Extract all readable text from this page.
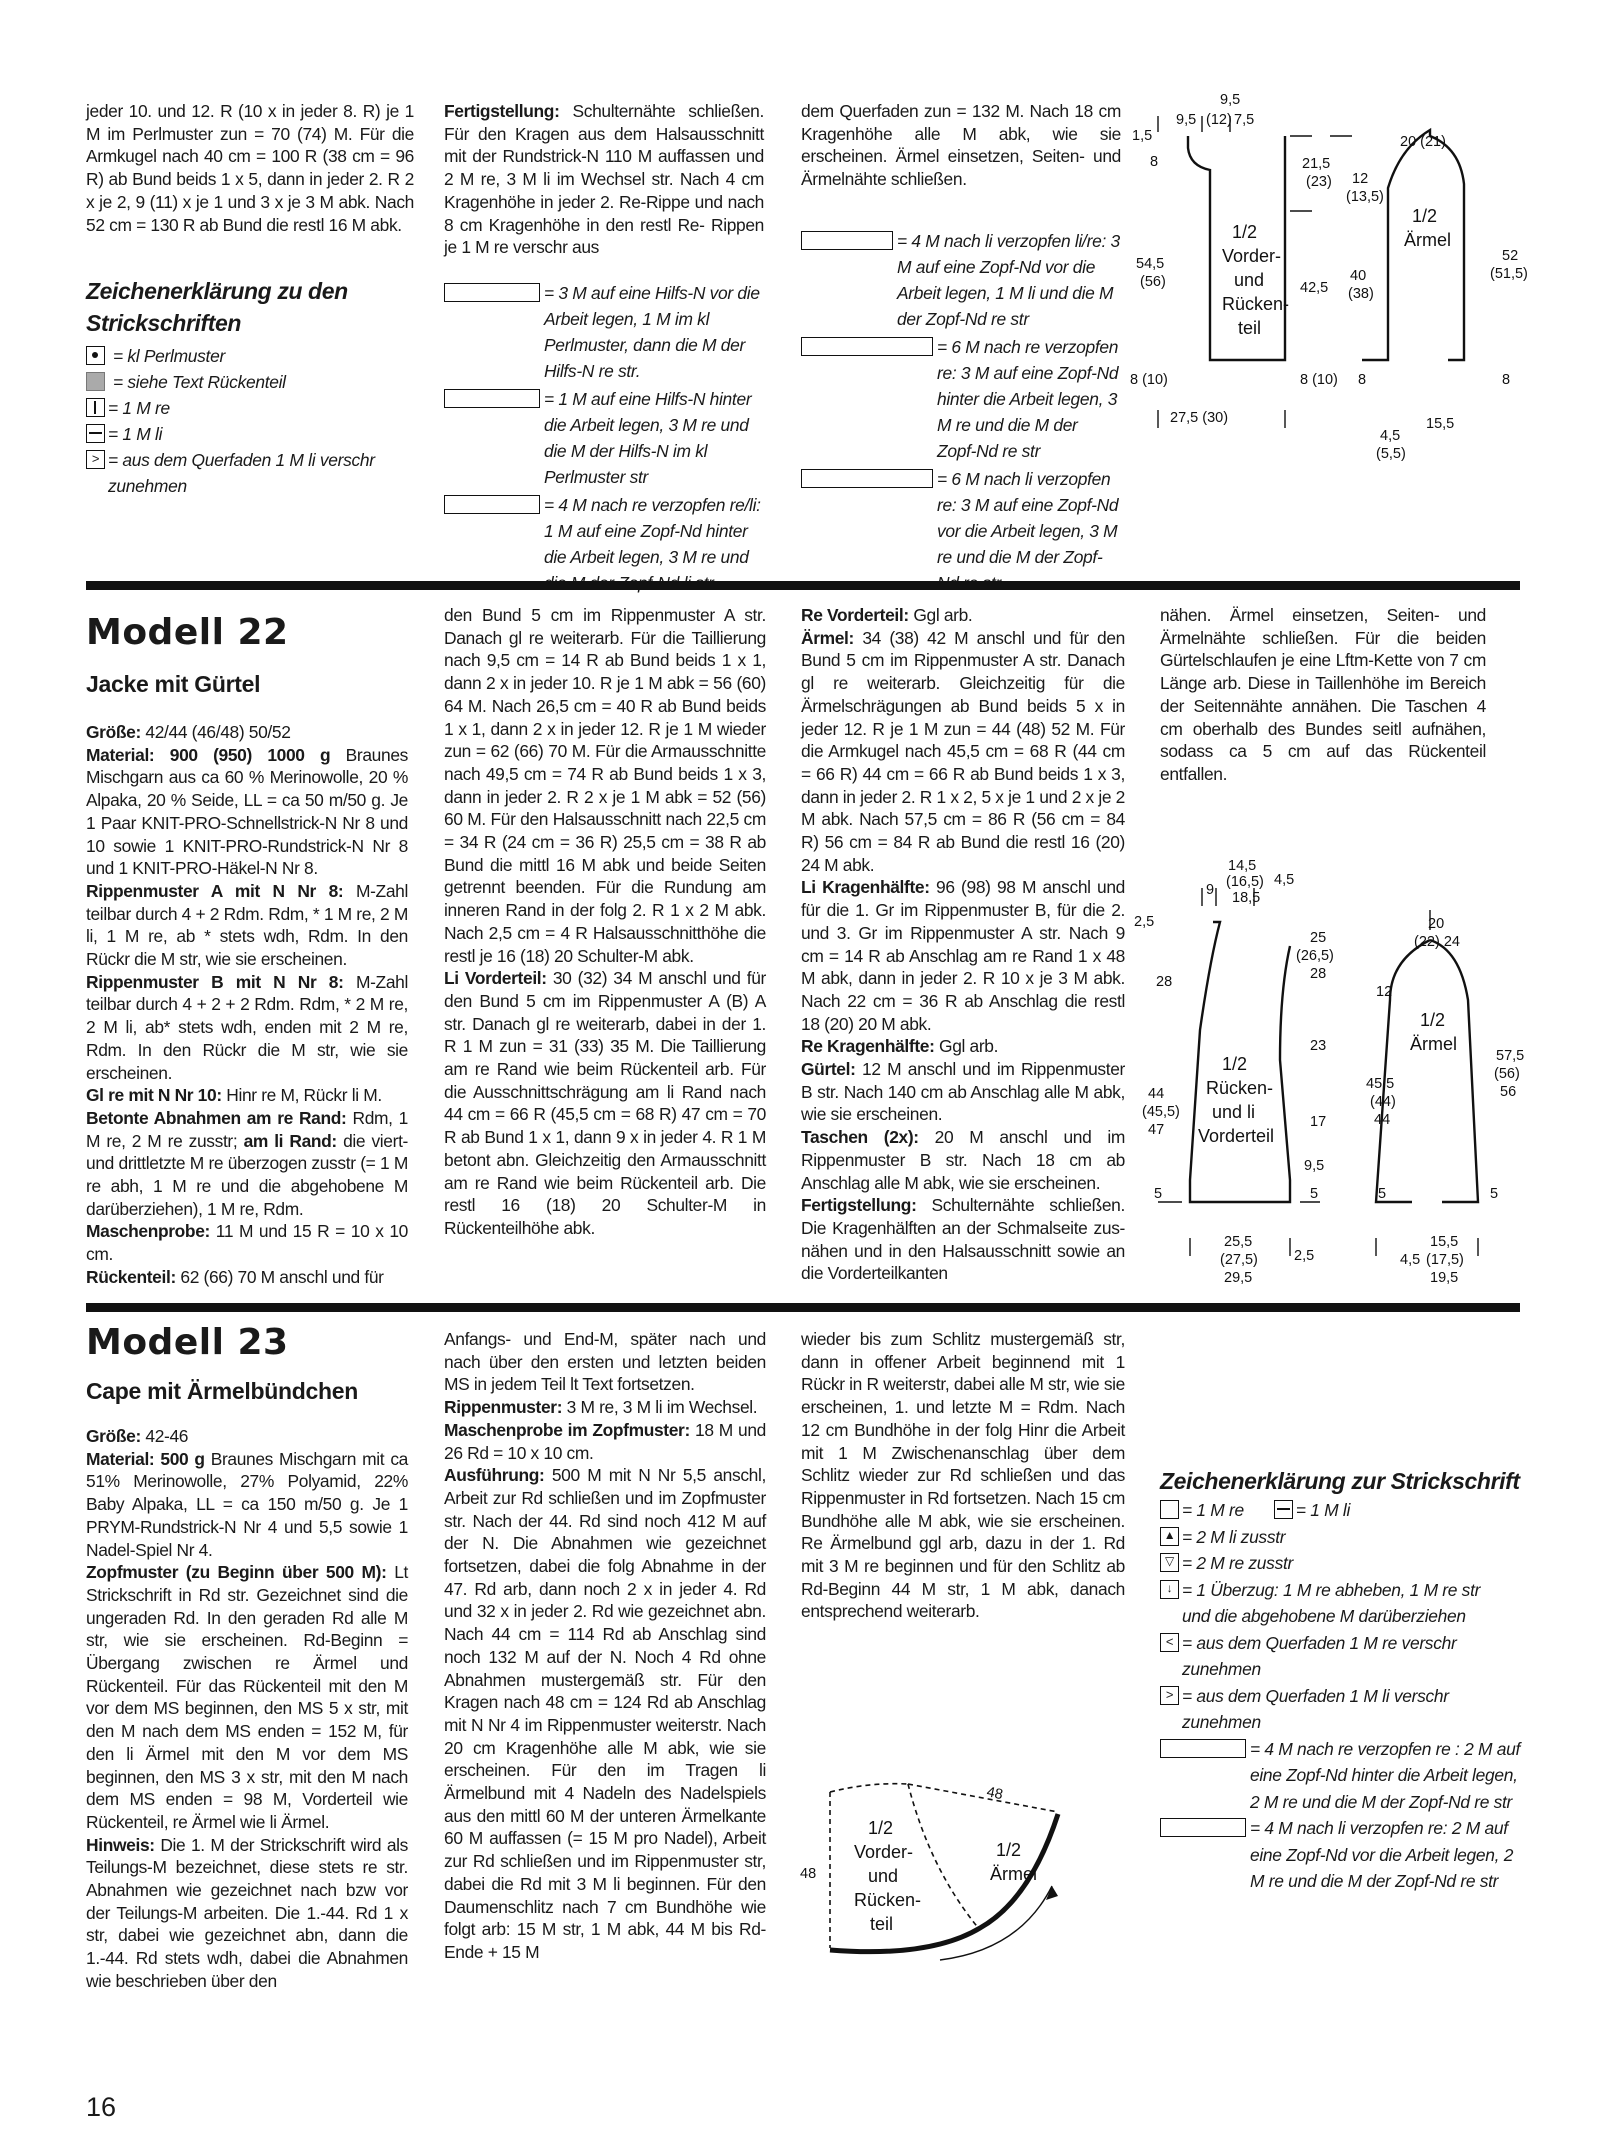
jeder 10. und 12. R (10 x in jeder 8. R) je 1 M im Perlmuster zun = 70 (74) M. Für die Armkugel nach 40 cm = 100 R (38 cm = 96 R) ab Bund beids 1 x 5, dann in jeder 2. R 2 x je 2, 9 (11) x je 1 und 3 x je 3 M abk. Nach 52 cm = 130 R ab Bund die restl 16 M abk.

Zeichenerklärung zu den Strickschriften
= kl Perlmuster
= siehe Text Rückenteil
= 1 M re
= 1 M li
> = aus dem Querfaden 1 M li verschr zunehmen

Fertigstellung: Schulternähte schließen. Für den Kragen aus dem Halsausschnitt mit der Rundstrick-N 110 M auffassen und 2 M re, 3 M li im Wechsel str. Nach 4 cm Kragenhöhe in jeder 2. Re-Rippe und nach 8 cm Kragenhöhe in den restl Re- Rippen je 1 M re verschr aus

= 3 M auf eine Hilfs-N vor die Arbeit legen, 1 M im kl Perlmuster, dann die M der Hilfs-N re str.
= 1 M auf eine Hilfs-N hinter die Arbeit legen, 3 M re und die M der Hilfs-N im kl Perlmuster str
= 4 M nach re verzopfen re/li: 1 M auf eine Zopf-Nd hinter die Arbeit legen, 3 M re und

dem Querfaden zun = 132 M. Nach 18 cm Kragenhöhe alle M abk, wie sie erscheinen. Ärmel einsetzen, Seiten- und Ärmelnähte schließen.

= 4 M nach li verzopfen li/re: 3 M auf eine Zopf-Nd vor die Arbeit legen, 1 M li und die M der Zopf-Nd re str
= 6 M nach re verzopfen re: 3 M auf eine Zopf-Nd hinter die Arbeit legen, 3 M re und die M der Zopf-Nd re str
= 6 M nach li verzopfen re: 3 M auf eine Zopf-Nd vor die Arbeit legen, 3 M re und die M der Zopf-
9,5
9,5 (12) 7,5
1,5
8
54,5
(56)
8 (10)
27,5 (30)
21,5
(23)
42,5
8 (10)
20 (21)
12
(13,5)
40
(38)
8
4,5
(5,5)
15,5
52
(51,5)
8
1/2
Vorder-
und
Rücken-
teil
1/2
Ärmel
Modell 22
Jacke mit Gürtel

Größe: 42/44 (46/48) 50/52

Material: 900 (950) 1000 g Braunes Mischgarn aus ca 60 % Merinowolle, 20 % Alpaka, 20 % Seide, LL = ca 50 m/50 g. Je 1 Paar KNIT-PRO-Schnellstrick-N Nr 8 und 10 sowie 1 KNIT-PRO-Rundstrick-N Nr 8 und 1 KNIT-PRO-Häkel-N Nr 8.

Rippenmuster A mit N Nr 8: M-Zahl teilbar durch 4 + 2 Rdm. Rdm, * 1 M re, 2 M li, 1 M re, ab * stets wdh, Rdm. In den Rückr die M str, wie sie erscheinen.

Rippenmuster B mit N Nr 8: M-Zahl teilbar durch 4 + 2 + 2 Rdm. Rdm, * 2 M re, 2 M li, ab* stets wdh, enden mit 2 M re, Rdm. In den Rückr die M str, wie sie erscheinen.

Gl re mit N Nr 10: Hinr re M, Rückr li M.

Betonte Abnahmen am re Rand: Rdm, 1 M re, 2 M re zusstr; am li Rand: die viert- und drittletzte M re überzogen zusstr (= 1 M re abh, 1 M re und die abgehobene M darüberziehen), 1 M re, Rdm.

Maschenprobe: 11 M und 15 R = 10 x 10 cm.

Rückenteil: 62 (66) 70 M anschl und für

den Bund 5 cm im Rippenmuster A str. Danach gl re weiterarb. Für die Taillierung nach 9,5 cm = 14 R ab Bund beids 1 x 1, dann 2 x in jeder 10. R je 1 M abk = 56 (60) 64 M. Nach 26,5 cm = 40 R ab Bund beids 1 x 1, dann 2 x in jeder 12. R je 1 M wieder zun = 62 (66) 70 M. Für die Armausschnitte nach 49,5 cm = 74 R ab Bund beids 1 x 3, dann in jeder 2. R 2 x je 1 M abk = 52 (56) 60 M. Für den Halsausschnitt nach 22,5 cm = 34 R (24 cm = 36 R) 25,5 cm = 38 R ab Bund die mittl 16 M abk und beide Seiten getrennt beenden. Für die Rundung am inneren Rand in der folg 2. R 1 x 2 M abk. Nach 2,5 cm = 4 R Halsausschnitthöhe die restl je 16 (18) 20 Schulter-M abk.

Li Vorderteil: 30 (32) 34 M anschl und für den Bund 5 cm im Rippenmuster A (B) A str. Danach gl re weiterarb, dabei in der 1. R 1 M zun = 31 (33) 35 M. Die Taillierung am re Rand wie beim Rückenteil arb. Für die Ausschnittschrägung am li Rand nach 44 cm = 66 R (45,5 cm = 68 R) 47 cm = 70 R ab Bund 1 x 1, dann 9 x in jeder 4. R 1 M betont abn. Gleichzeitig den Armausschnitt am re Rand wie beim Rückenteil arb. Die restl 16 (18) 20 Schulter-M in Rückenteilhöhe abk.

Re Vorderteil: Ggl arb.

Ärmel: 34 (38) 42 M anschl und für den Bund 5 cm im Rippenmuster A str. Danach gl re weiterarb. Gleichzeitig für die Ärmelschrägungen ab Bund beids 5 x in jeder 12. R je 1 M zun = 44 (48) 52 M. Für die Armkugel nach 45,5 cm = 68 R (44 cm = 66 R) 44 cm = 66 R ab Bund beids 1 x 3, dann in jeder 2. R 1 x 2, 5 x je 1 und 2 x je 2 M abk. Nach 57,5 cm = 86 R (56 cm = 84 R) 56 cm = 84 R ab Bund die restl 16 (20) 24 M abk.

Li Kragenhälfte: 96 (98) 98 M anschl und für die 1. Gr im Rippenmuster B, für die 2. und 3. Gr im Rippenmuster A str. Nach 9 cm = 14 R ab Anschlag am re Rand 1 x 48 M abk, dann in jeder 2. R 10 x je 3 M abk. Nach 22 cm = 36 R ab Anschlag die restl 18 (20) 20 M abk.

Re Kragenhälfte: Ggl arb.

Gürtel: 12 M anschl und im Rippenmuster B str. Nach 140 cm ab Anschlag alle M abk, wie sie erscheinen.

Taschen (2x): 20 M anschl und im Rippenmuster B str. Nach 18 cm ab Anschlag alle M abk, wie sie erscheinen.

Fertigstellung: Schulternähte schließen. Die Kragenhälften an der Schmalseite zus-nähen und in den Halsausschnitt sowie an die Vorderteilkanten

nähen. Ärmel einsetzen, Seiten- und Ärmelnähte schließen. Für die beiden Gürtelschlaufen je eine Lftm-Kette von 7 cm Länge arb. Diese in Taillenhöhe im Bereich der Seitennähte annähen. Die Taschen 4 cm oberhalb des Bundes seitl aufnähen, sodass ca 5 cm auf das Rückenteil entfallen.

14,5
(16,5)
18,5
9
4,5
2,5
28
44
(45,5)
47
5
25,5
(27,5)
29,5
2,5
25
(26,5)
28
23
17
9,5
5
20
(22) 24
12
45,5
(44)
44
5
4,5
15,5
(17,5)
19,5
57,5
(56)
56
5
1/2
Rücken-
und li
Vorderteil
1/2
Ärmel
Modell 23
Cape mit Ärmelbündchen

Größe: 42-46

Material: 500 g Braunes Mischgarn mit ca 51% Merinowolle, 27% Polyamid, 22% Baby Alpaka, LL = ca 150 m/50 g. Je 1 PRYM-Rundstrick-N Nr 4 und 5,5 sowie 1 Nadel-Spiel Nr 4.

Zopfmuster (zu Beginn über 500 M): Lt Strickschrift in Rd str. Gezeichnet sind die ungeraden Rd. In den geraden Rd alle M str, wie sie erscheinen. Rd-Beginn = Übergang zwischen re Ärmel und Rückenteil. Für das Rückenteil mit den M vor dem MS beginnen, den MS 5 x str, mit den M nach dem MS enden = 152 M, für den li Ärmel mit den M vor dem MS beginnen, den MS 3 x str, mit den M nach dem MS enden = 98 M, Vorderteil wie Rückenteil, re Ärmel wie li Ärmel.

Hinweis: Die 1. M der Strickschrift wird als Teilungs-M bezeichnet, diese stets re str. Abnahmen wie gezeichnet nach bzw vor der Teilungs-M arbeiten. Die 1.-44. Rd 1 x str, dabei wie gezeichnet abn, dann die 1.-44. Rd stets wdh, dabei die Abnahmen wie beschrieben über den

Anfangs- und End-M, später nach und nach über den ersten und letzten beiden MS in jedem Teil lt Text fortsetzen.

Rippenmuster: 3 M re, 3 M li im Wechsel.

Maschenprobe im Zopfmuster: 18 M und 26 Rd = 10 x 10 cm.

Ausführung: 500 M mit N Nr 5,5 anschl, Arbeit zur Rd schließen und im Zopfmuster str. Nach der 44. Rd sind noch 412 M auf der N. Die Abnahmen wie gezeichnet fortsetzen, dabei die folg Abnahme in der 47. Rd arb, dann noch 2 x in jeder 4. Rd und 32 x in jeder 2. Rd wie gezeichnet abn. Nach 44 cm = 114 Rd ab Anschlag sind noch 132 M auf der N. Noch 4 Rd ohne Abnahmen mustergemäß str. Für den Kragen nach 48 cm = 124 Rd ab Anschlag mit N Nr 4 im Rippenmuster weiterstr. Nach 20 cm Kragenhöhe alle M abk, wie sie erscheinen. Für den im Tragen li Ärmelbund mit 4 Nadeln des Nadelspiels aus den mittl 60 M der unteren Ärmelkante 60 M auffassen (= 15 M pro Nadel), Arbeit zur Rd schließen und im Rippenmuster str, dabei die Rd mit 3 M li beginnen. Für den Daumenschlitz nach 7 cm Bundhöhe wie folgt arb: 15 M str, 1 M abk, 44 M bis Rd-Ende + 15 M

wieder bis zum Schlitz mustergemäß str, dann in offener Arbeit beginnend mit 1 Rückr in R weiterstr, dabei alle M str, wie sie erscheinen, 1. und letzte M = Rdm. Nach 12 cm Bundhöhe in der folg Hinr die Arbeit mit 1 M Zwischenanschlag über dem Schlitz wieder zur Rd schließen und das Rippenmuster in Rd fortsetzen. Nach 15 cm Bundhöhe alle M abk, wie sie erscheinen. Re Ärmelbund ggl arb, dazu in der 1. Rd mit 3 M re beginnen und für den Schlitz ab Rd-Beginn 44 M str, 1 M abk, danach entsprechend weiterarb.

48
48
1/2
Vorder-
und
Rücken-
teil
1/2
Ärmel
Zeichenerklärung zur Strickschrift
= 1 M re	= 1 M li
▲ = 2 M li zusstr
▽ = 2 M re zusstr
↓ = 1 Überzug: 1 M re abheben, 1 M re str und die abgehobene M darüberziehen
< = aus dem Querfaden 1 M re verschr zunehmen
> = aus dem Querfaden 1 M li verschr zunehmen
= 4 M nach re verzopfen re : 2 M auf eine Zopf-Nd hinter die Arbeit legen, 2 M re und die M der Zopf-Nd re str
= 4 M nach li verzopfen re: 2 M auf eine Zopf-Nd vor die Arbeit legen, 2 M re und die M der Zopf-Nd re str
16
